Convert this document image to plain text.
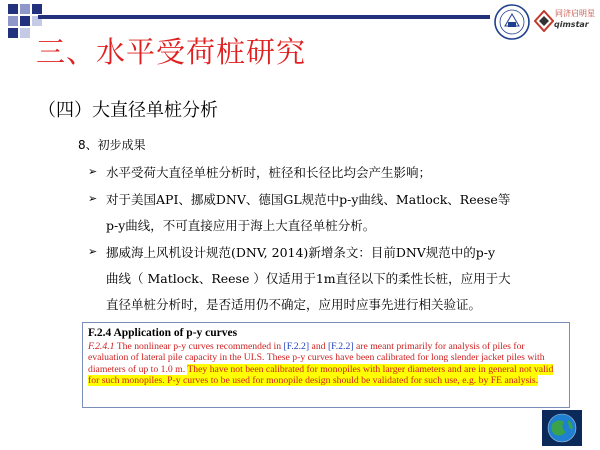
同济启明星
qimstar
三、水平受荷桩研究
（四）大直径单桩分析
8、初步成果
➢ 水平受荷大直径单桩分析时，桩径和长径比均会产生影响；
➢ 对于美国API、挪威DNV、德国GL规范中p-y曲线、Matlock、Reese等
p-y曲线，不可直接应用于海上大直径单桩分析。
➢ 挪威海上风机设计规范(DNV, 2014)新增条文：目前DNV规范中的p-y
曲线（ Matlock、Reese ）仅适用于1m直径以下的柔性长桩，应用于大
直径单桩分析时，是否适用仍不确定，应用时应事先进行相关验证。
F.2.4 Application of p-y curves
F.2.4.1 The nonlinear p-y curves recommended in [F.2.2] and [F.2.2] are meant primarily for analysis of piles for evaluation of lateral pile capacity in the ULS. These p-y curves have been calibrated for long slender jacket piles with diameters of up to 1.0 m. They have not been calibrated for monopiles with larger diameters and are in general not valid for such monopiles. P-y curves to be used for monopile design should be validated for such use, e.g. by FE analysis.
